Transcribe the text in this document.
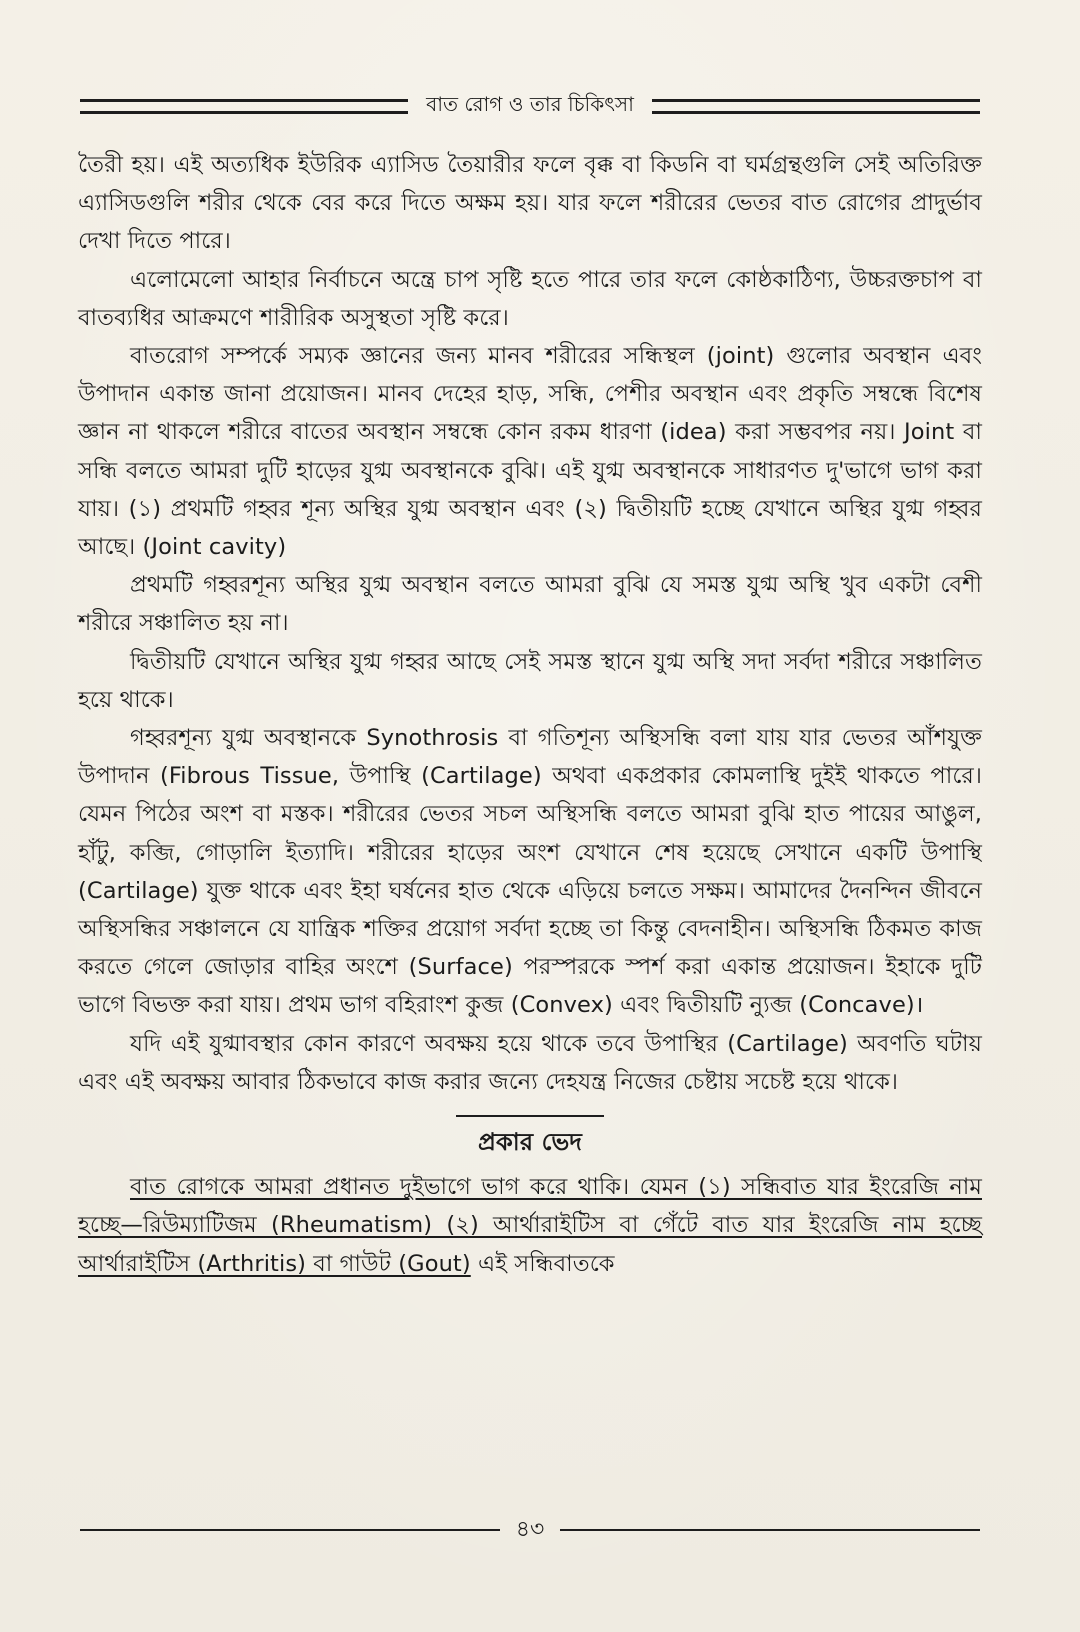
বাত রোগ ও তার চিকিৎসা

তৈরী হয়। এই অত্যধিক ইউরিক এ্যাসিড তৈয়ারীর ফলে বৃক্ক বা কিডনি বা ঘর্মগ্রন্থগুলি সেই অতিরিক্ত এ্যাসিডগুলি শরীর থেকে বের করে দিতে অক্ষম হয়। যার ফলে শরীরের ভেতর বাত রোগের প্রাদুর্ভাব দেখা দিতে পারে।

এলোমেলো আহার নির্বাচনে অন্ত্রে চাপ সৃষ্টি হতে পারে তার ফলে কোষ্ঠকাঠিণ্য, উচ্চরক্তচাপ বা বাতব্যধির আক্রমণে শারীরিক অসুস্থতা সৃষ্টি করে।

বাতরোগ সম্পর্কে সম্যক জ্ঞানের জন্য মানব শরীরের সন্ধিস্থল (joint) গুলোর অবস্থান এবং উপাদান একান্ত জানা প্রয়োজন। মানব দেহের হাড়, সন্ধি, পেশীর অবস্থান এবং প্রকৃতি সম্বন্ধে বিশেষ জ্ঞান না থাকলে শরীরে বাতের অবস্থান সম্বন্ধে কোন রকম ধারণা (idea) করা সম্ভবপর নয়। Joint বা সন্ধি বলতে আমরা দুটি হাড়ের যুগ্ম অবস্থানকে বুঝি। এই যুগ্ম অবস্থানকে সাধারণত দু'ভাগে ভাগ করা যায়। (১) প্রথমটি গহ্বর শূন্য অস্থির যুগ্ম অবস্থান এবং (২) দ্বিতীয়টি হচ্ছে যেখানে অস্থির যুগ্ম গহ্বর আছে। (Joint cavity)

প্রথমটি গহ্বরশূন্য অস্থির যুগ্ম অবস্থান বলতে আমরা বুঝি যে সমস্ত যুগ্ম অস্থি খুব একটা বেশী শরীরে সঞ্চালিত হয় না।

দ্বিতীয়টি যেখানে অস্থির যুগ্ম গহ্বর আছে সেই সমস্ত স্থানে যুগ্ম অস্থি সদা সর্বদা শরীরে সঞ্চালিত হয়ে থাকে।

গহ্বরশূন্য যুগ্ম অবস্থানকে Synothrosis বা গতিশূন্য অস্থিসন্ধি বলা যায় যার ভেতর আঁশযুক্ত উপাদান (Fibrous Tissue, উপাস্থি (Cartilage) অথবা একপ্রকার কোমলাস্থি দুইই থাকতে পারে। যেমন পিঠের অংশ বা মস্তক। শরীরের ভেতর সচল অস্থিসন্ধি বলতে আমরা বুঝি হাত পায়ের আঙুল, হাঁটু, কব্জি, গোড়ালি ইত্যাদি। শরীরের হাড়ের অংশ যেখানে শেষ হয়েছে সেখানে একটি উপাস্থি (Cartilage) যুক্ত থাকে এবং ইহা ঘর্ষনের হাত থেকে এড়িয়ে চলতে সক্ষম। আমাদের দৈনন্দিন জীবনে অস্থিসন্ধির সঞ্চালনে যে যান্ত্রিক শক্তির প্রয়োগ সর্বদা হচ্ছে তা কিন্তু বেদনাহীন। অস্থিসন্ধি ঠিকমত কাজ করতে গেলে জোড়ার বাহির অংশে (Surface) পরস্পরকে স্পর্শ করা একান্ত প্রয়োজন। ইহাকে দুটি ভাগে বিভক্ত করা যায়। প্রথম ভাগ বহিরাংশ কুব্জ (Convex) এবং দ্বিতীয়টি ন্যুব্জ (Concave)।

যদি এই যুগ্মাবস্থার কোন কারণে অবক্ষয় হয়ে থাকে তবে উপাস্থির (Cartilage) অবণতি ঘটায় এবং এই অবক্ষয় আবার ঠিকভাবে কাজ করার জন্যে দেহযন্ত্র নিজের চেষ্টায় সচেষ্ট হয়ে থাকে।

প্রকার ভেদ

বাত রোগকে আমরা প্রধানত দুইভাগে ভাগ করে থাকি। যেমন (১) সন্ধিবাত যার ইংরেজি নাম হচ্ছে—রিউম্যাটিজম (Rheumatism) (২) আর্থারাইটিস বা গেঁটে বাত যার ইংরেজি নাম হচ্ছে আর্থারাইটিস (Arthritis) বা গাউট (Gout) এই সন্ধিবাতকে

৪৩
